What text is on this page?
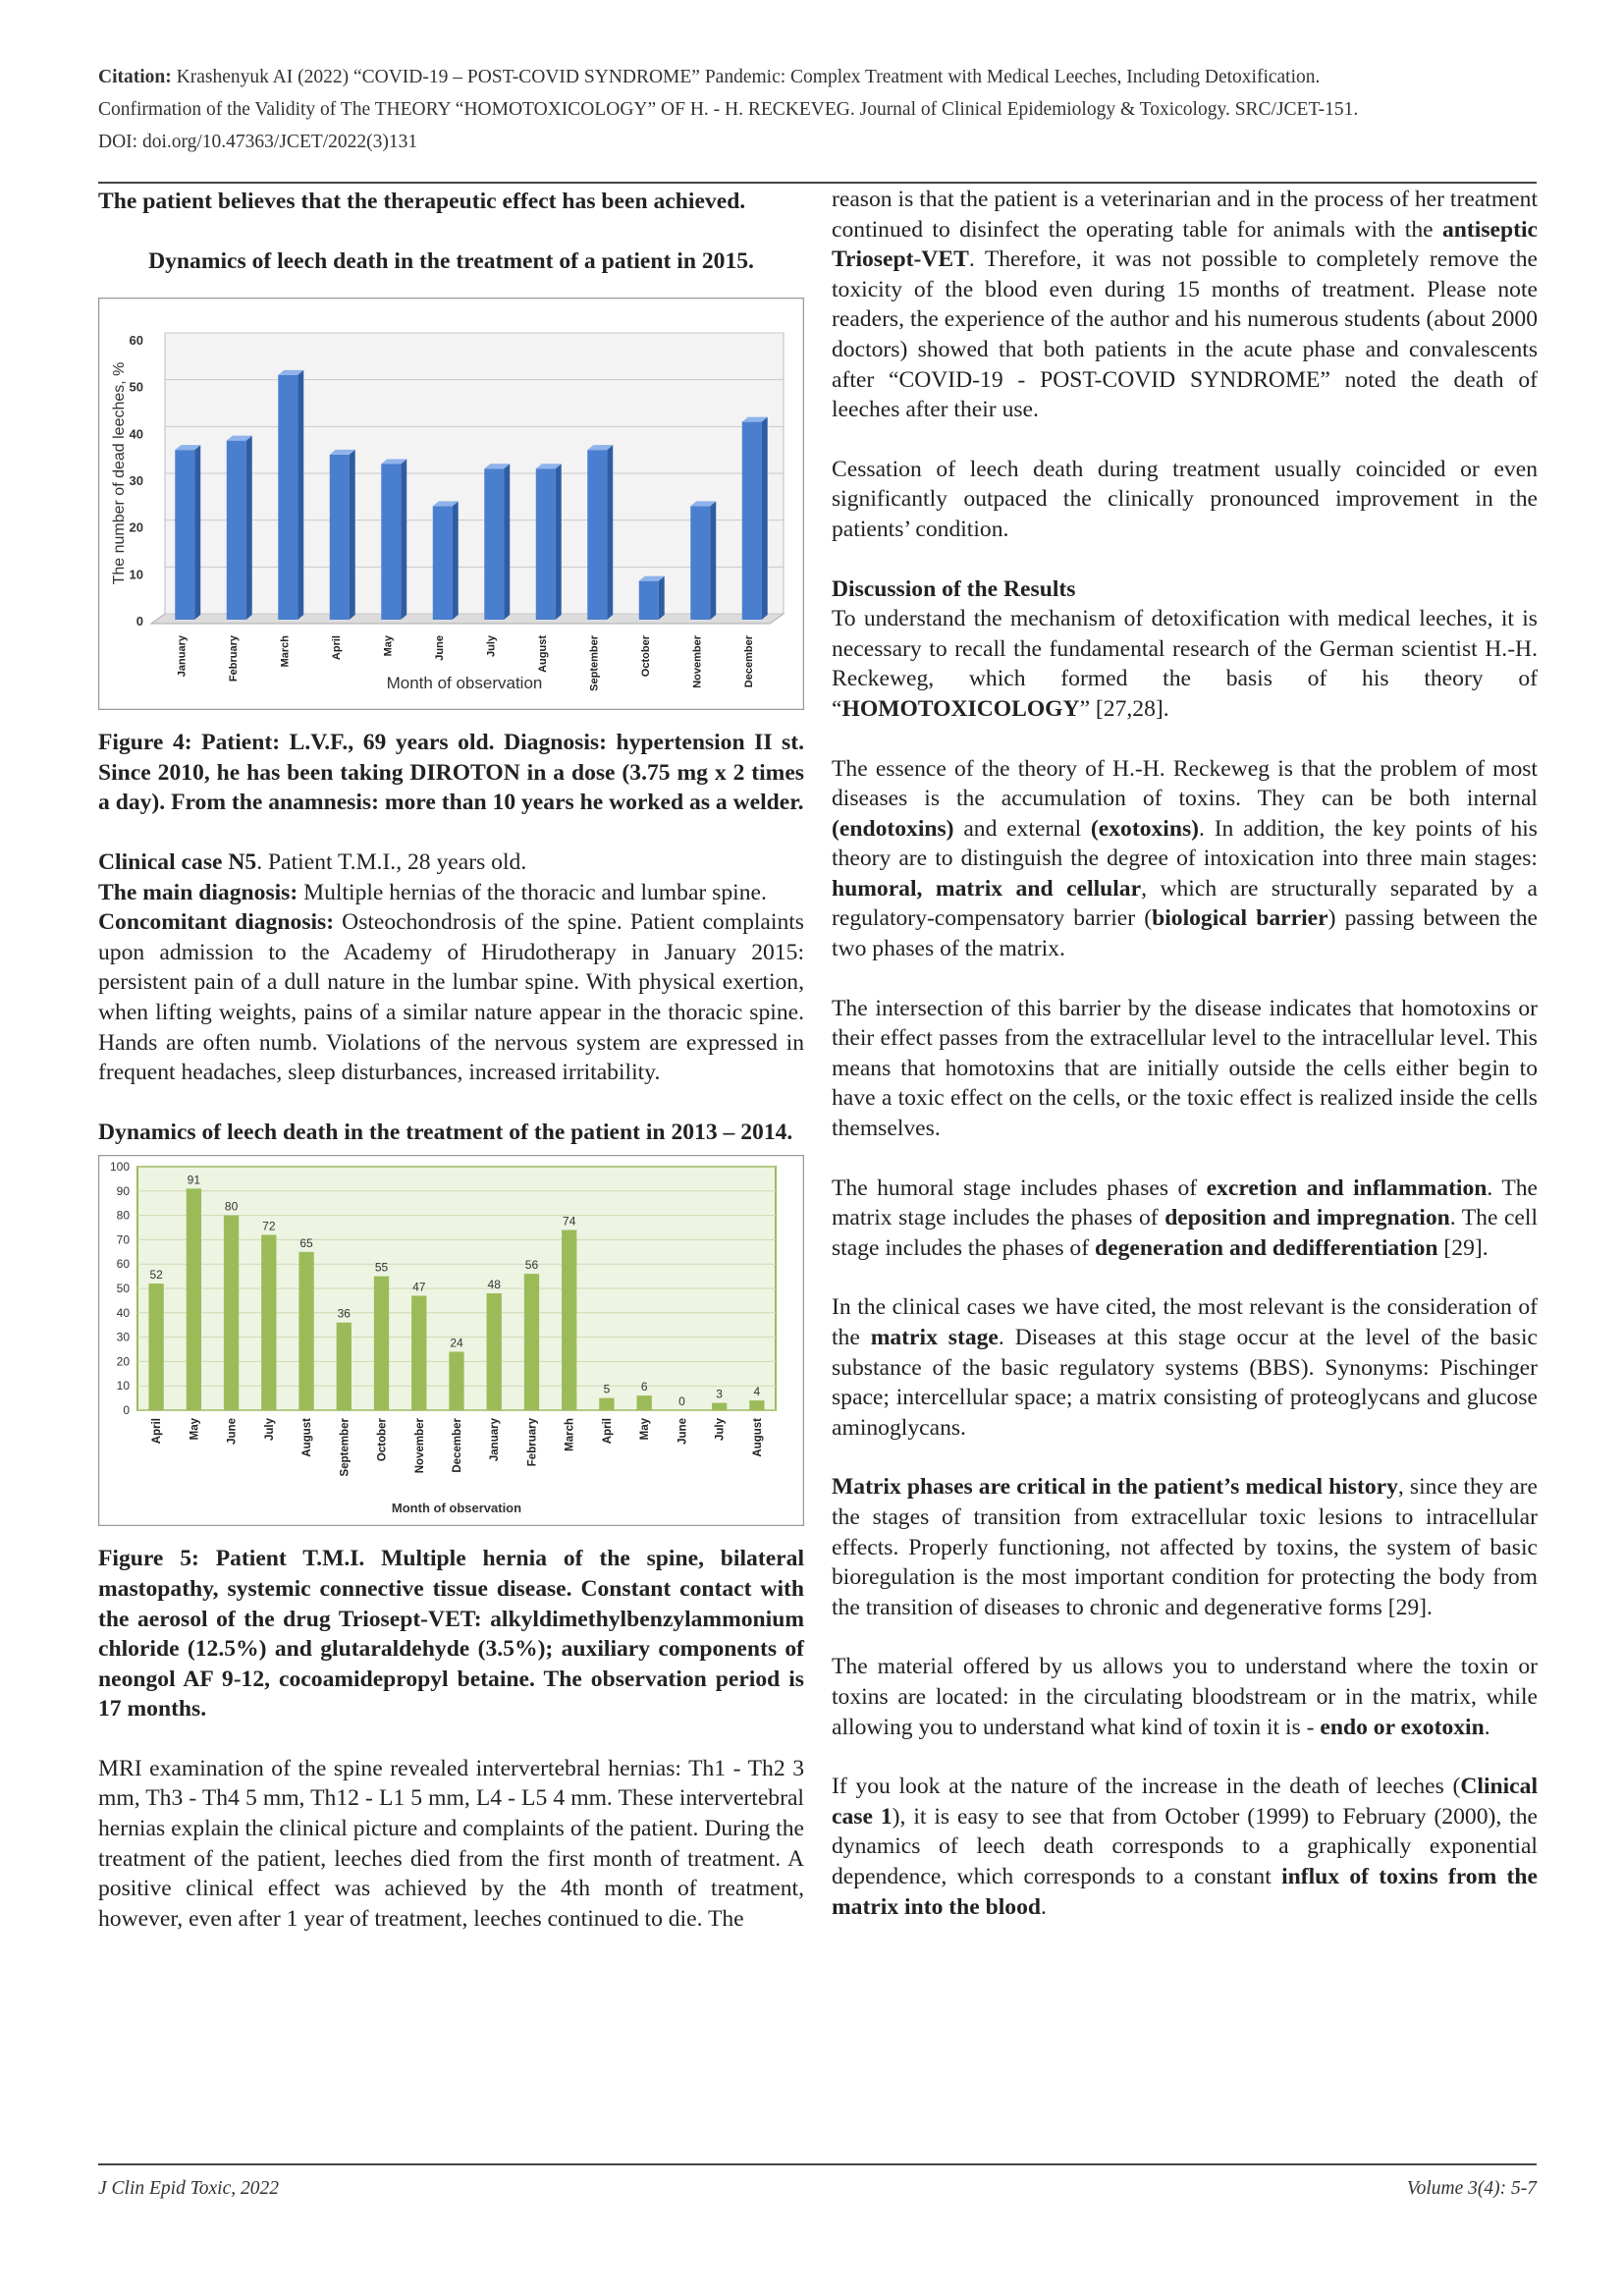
Citation: Krashenyuk AI (2022) “COVID-19 – POST-COVID SYNDROME” Pandemic: Complex Treatment with Medical Leeches, Including Detoxification.

Confirmation of the Validity of The THEORY “HOMOTOXICOLOGY” OF H. - H. RECKEVEG. Journal of Clinical Epidemiology & Toxicology. SRC/JCET-151.

DOI: doi.org/10.47363/JCET/2022(3)131

The patient believes that the therapeutic effect has been achieved.

Dynamics of leech death in the treatment of a patient in 2015.

0
10
20
30
40
50
60
January	February	March	April	May	June	July	August	September	October	November	December
Month of observation
The number of dead leeches, %

Figure 4: Patient: L.V.F., 69 years old. Diagnosis: hypertension II st. Since 2010, he has been taking DIROTON in a dose (3.75 mg x 2 times a day). From the anamnesis: more than 10 years he worked as a welder.

Clinical case N5. Patient T.M.I., 28 years old.

The main diagnosis: Multiple hernias of the thoracic and lumbar spine.

Concomitant diagnosis: Osteochondrosis of the spine. Patient complaints upon admission to the Academy of Hirudotherapy in January 2015: persistent pain of a dull nature in the lumbar spine. With physical exertion, when lifting weights, pains of a similar nature appear in the thoracic spine. Hands are often numb. Violations of the nervous system are expressed in frequent headaches, sleep disturbances, increased irritability.

Dynamics of leech death in the treatment of the patient in 2013 – 2014.

0
10
20
30
40
50
60
70
80
90
100
52
April
91
May
80
June
72
July
65
August
36
September
55
October
47
November
24
December
48
January
56
February
74
March
5
April
6
May
0
June
3
July
4
August
Month of observation

Figure 5: Patient T.M.I. Multiple hernia of the spine, bilateral mastopathy, systemic connective tissue disease. Constant contact with the aerosol of the drug Triosept-VET: alkyldimethylbenzylammonium chloride (12.5%) and glutaraldehyde (3.5%); auxiliary components of neongol AF 9-12, cocoamidepropyl betaine. The observation period is 17 months.

MRI examination of the spine revealed intervertebral hernias: Th1 - Th2 3 mm, Th3 - Th4 5 mm, Th12 - L1 5 mm, L4 - L5 4 mm. These intervertebral hernias explain the clinical picture and complaints of the patient. During the treatment of the patient, leeches died from the first month of treatment. A positive clinical effect was achieved by the 4th month of treatment, however, even after 1 year of treatment, leeches continued to die. The

reason is that the patient is a veterinarian and in the process of her treatment continued to disinfect the operating table for animals with the antiseptic Triosept-VET. Therefore, it was not possible to completely remove the toxicity of the blood even during 15 months of treatment. Please note readers, the experience of the author and his numerous students (about 2000 doctors) showed that both patients in the acute phase and convalescents after “COVID-19 - POST-COVID SYNDROME” noted the death of leeches after their use.

Cessation of leech death during treatment usually coincided or even significantly outpaced the clinically pronounced improvement in the patients’ condition.

Discussion of the Results

To understand the mechanism of detoxification with medical leeches, it is necessary to recall the fundamental research of the German scientist H.-H. Reckeweg, which formed the basis of his theory of “HOMOTOXICOLOGY” [27,28].

The essence of the theory of H.-H. Reckeweg is that the problem of most diseases is the accumulation of toxins. They can be both internal (endotoxins) and external (exotoxins). In addition, the key points of his theory are to distinguish the degree of intoxication into three main stages: humoral, matrix and cellular, which are structurally separated by a regulatory-compensatory barrier (biological barrier) passing between the two phases of the matrix.

The intersection of this barrier by the disease indicates that homotoxins or their effect passes from the extracellular level to the intracellular level. This means that homotoxins that are initially outside the cells either begin to have a toxic effect on the cells, or the toxic effect is realized inside the cells themselves.

The humoral stage includes phases of excretion and inflammation. The matrix stage includes the phases of deposition and impregnation. The cell stage includes the phases of degeneration and dedifferentiation [29].

In the clinical cases we have cited, the most relevant is the consideration of the matrix stage. Diseases at this stage occur at the level of the basic substance of the basic regulatory systems (BBS). Synonyms: Pischinger space; intercellular space; a matrix consisting of proteoglycans and glucose aminoglycans.

Matrix phases are critical in the patient’s medical history, since they are the stages of transition from extracellular toxic lesions to intracellular effects. Properly functioning, not affected by toxins, the system of basic bioregulation is the most important condition for protecting the body from the transition of diseases to chronic and degenerative forms [29].

The material offered by us allows you to understand where the toxin or toxins are located: in the circulating bloodstream or in the matrix, while allowing you to understand what kind of toxin it is - endo or exotoxin.

If you look at the nature of the increase in the death of leeches (Clinical case 1), it is easy to see that from October (1999) to February (2000), the dynamics of leech death corresponds to a graphically exponential dependence, which corresponds to a constant influx of toxins from the matrix into the blood.

J Clin Epid Toxic, 2022	Volume 3(4): 5-7
